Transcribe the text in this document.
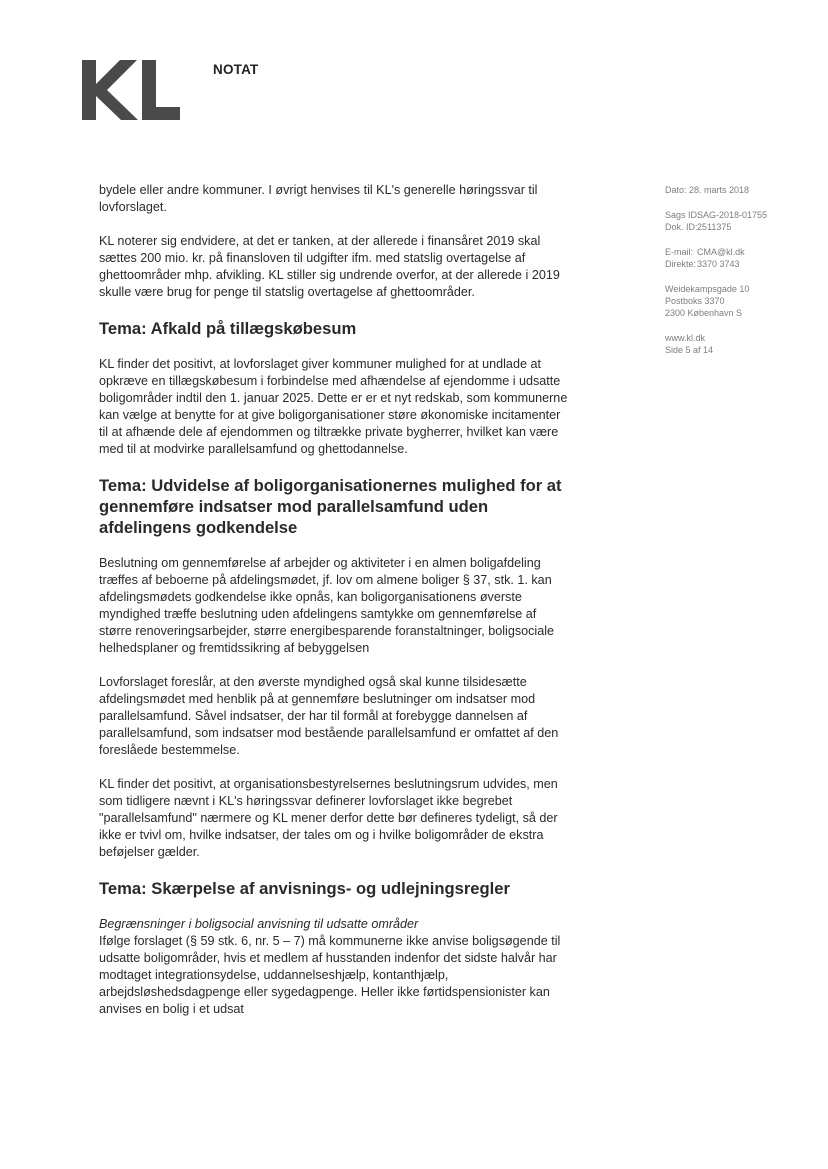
NOTAT
Dato: 28. marts 2018
Sags ID:
SAG-2018-01755
Dok. ID: 2511375
E-mail: CMA@kl.dk
Direkte: 3370 3743
Weidekampsgade 10
Postboks 3370
2300 København S
www.kl.dk
Side 5 af 14

bydele eller andre kommuner. I øvrigt henvises til KL's generelle høringssvar til lovforslaget.

KL noterer sig endvidere, at det er tanken, at der allerede i finansåret 2019 skal sættes 200 mio. kr. på finansloven til udgifter ifm. med statslig overtagelse af ghettoområder mhp. afvikling. KL stiller sig undrende overfor, at der allerede i 2019 skulle være brug for penge til statslig overtagelse af ghettoområder.

Tema: Afkald på tillægskøbesum

KL finder det positivt, at lovforslaget giver kommuner mulighed for at undlade at opkræve en tillægskøbesum i forbindelse med afhændelse af ejendomme i udsatte boligområder indtil den 1. januar 2025. Dette er er et nyt redskab, som kommunerne kan vælge at benytte for at give boligorganisationer støre økonomiske incitamenter til at afhænde dele af ejendommen og tiltrække private bygherrer, hvilket kan være med til at modvirke parallelsamfund og ghettodannelse.

Tema: Udvidelse af boligorganisationernes mulighed for at gennemføre indsatser mod parallelsamfund uden afdelingens godkendelse

Beslutning om gennemførelse af arbejder og aktiviteter i en almen boligafdeling træffes af beboerne på afdelingsmødet, jf. lov om almene boliger § 37, stk. 1. kan afdelingsmødets godkendelse ikke opnås, kan boligorganisationens øverste myndighed træffe beslutning uden afdelingens samtykke om gennemførelse af større renoveringsarbejder, større energibesparende foranstaltninger, boligsociale helhedsplaner og fremtidssikring af bebyggelsen

Lovforslaget foreslår, at den øverste myndighed også skal kunne tilsidesætte afdelingsmødet med henblik på at gennemføre beslutninger om indsatser mod parallelsamfund. Såvel indsatser, der har til formål at forebygge dannelsen af parallelsamfund, som indsatser mod bestående parallelsamfund er omfattet af den foreslåede bestemmelse.

KL finder det positivt, at organisationsbestyrelsernes beslutningsrum udvides, men som tidligere nævnt i KL's høringssvar definerer lovforslaget ikke begrebet "parallelsamfund" nærmere og KL mener derfor dette bør defineres tydeligt, så der ikke er tvivl om, hvilke indsatser, der tales om og i hvilke boligområder de ekstra beføjelser gælder.

Tema: Skærpelse af anvisnings- og udlejningsregler
Begrænsninger i boligsocial anvisning til udsatte områder

Ifølge forslaget (§ 59 stk. 6, nr. 5 – 7) må kommunerne ikke anvise boligsøgende til udsatte boligområder, hvis et medlem af husstanden indenfor det sidste halvår har modtaget integrationsydelse, uddannelseshjælp, kontanthjælp, arbejdsløshedsdagpenge eller sygedagpenge. Heller ikke førtidspensionister kan anvises en bolig i et udsat
